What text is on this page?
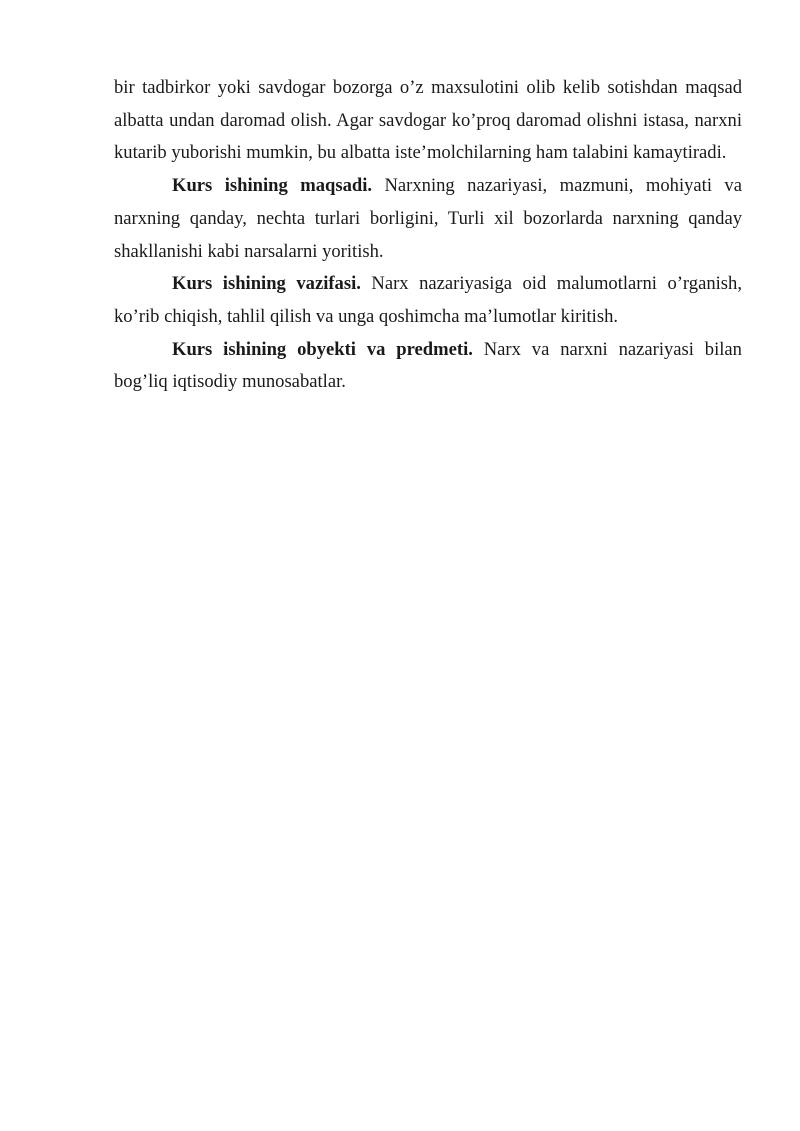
bir tadbirkor yoki savdogar bozorga o’z maxsulotini olib kelib sotishdan maqsad albatta undan daromad olish. Agar savdogar ko’proq daromad olishni istasa, narxni kutarib yuborishi mumkin, bu albatta iste’molchilarning ham talabini kamaytiradi.

Kurs ishining maqsadi. Narxning nazariyasi, mazmuni, mohiyati va narxning qanday, nechta turlari borligini, Turli xil bozorlarda narxning qanday shakllanishi kabi narsalarni yoritish.

Kurs ishining vazifasi. Narx nazariyasiga oid malumotlarni o’rganish, ko’rib chiqish, tahlil qilish va unga qoshimcha ma’lumotlar kiritish.

Kurs ishining obyekti va predmeti. Narx va narxni nazariyasi bilan bog’liq iqtisodiy munosabatlar.
